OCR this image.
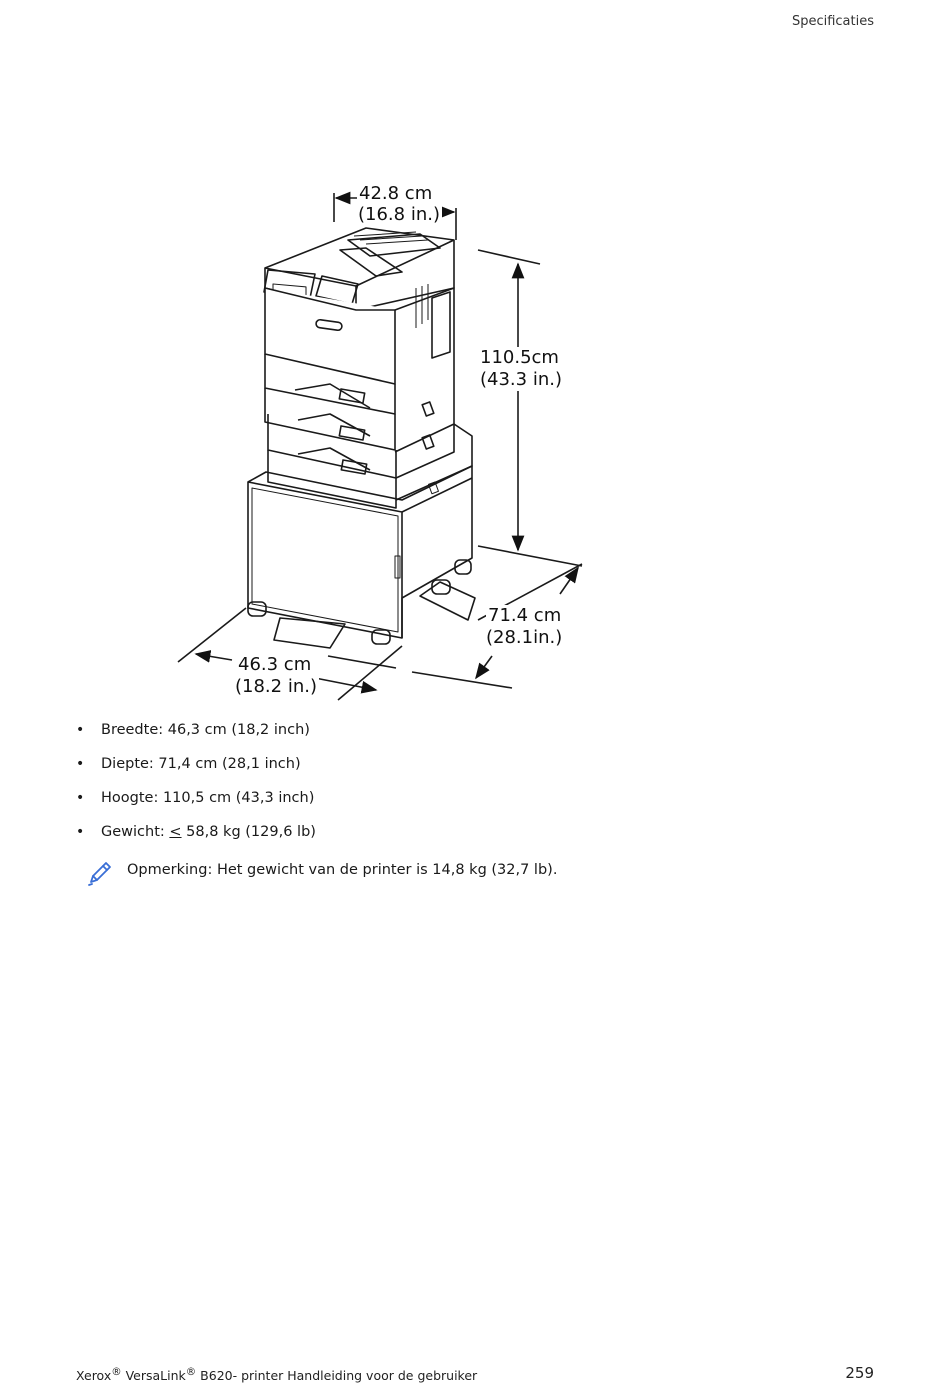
Specificaties
42.8 cm
(16.8 in.)
110.5cm
(43.3 in.)
71.4 cm
(28.1in.)
46.3 cm
(18.2 in.)
• Breedte: 46,3 cm (18,2 inch)
• Diepte: 71,4 cm (28,1 inch)
• Hoogte: 110,5 cm (43,3 inch)
• Gewicht: < 58,8 kg (129,6 lb)
Opmerking: Het gewicht van de printer is 14,8 kg (32,7 lb).
Xerox® VersaLink® B620- printer Handleiding voor de gebruiker	259
